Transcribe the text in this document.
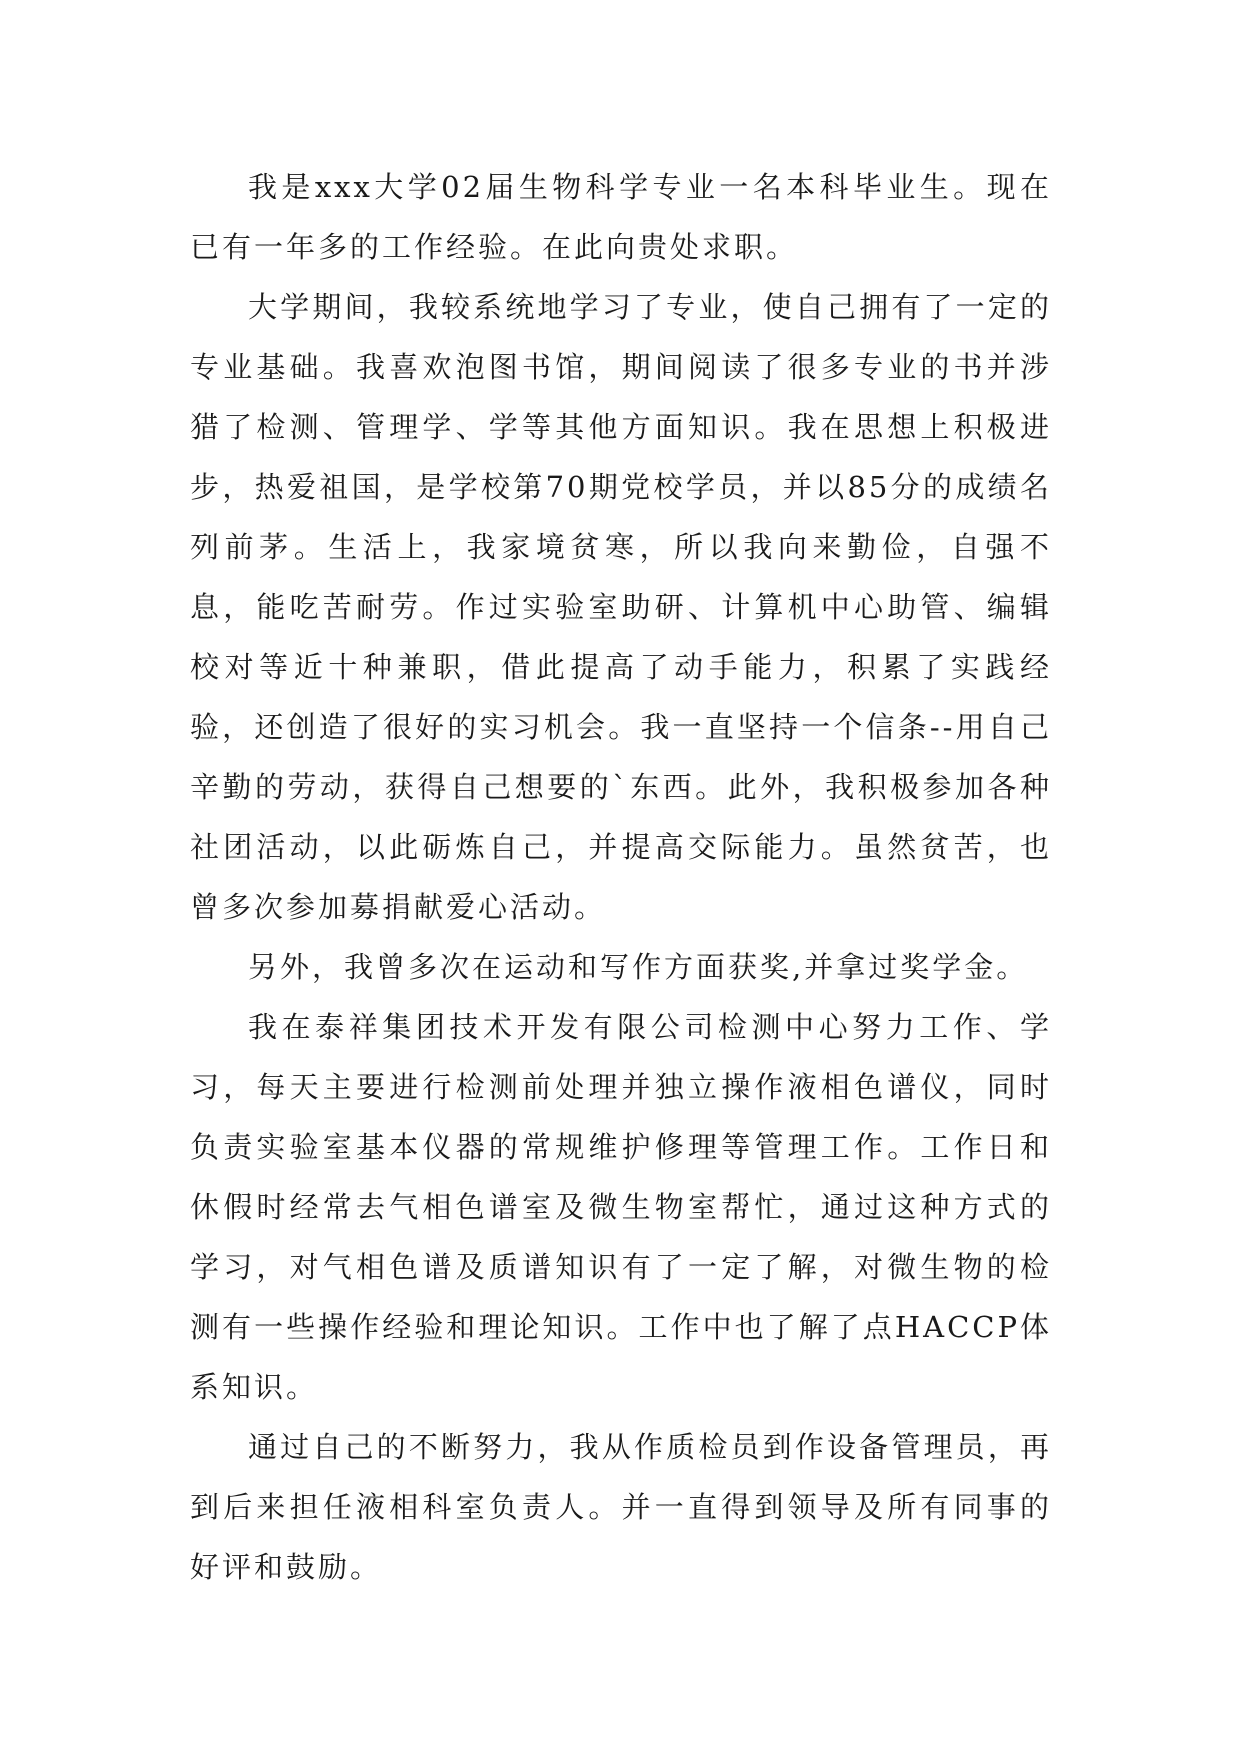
我是xxx大学02届生物科学专业一名本科毕业生。现在已有一年多的工作经验。在此向贵处求职。

大学期间，我较系统地学习了专业，使自己拥有了一定的专业基础。我喜欢泡图书馆，期间阅读了很多专业的书并涉猎了检测、管理学、学等其他方面知识。我在思想上积极进步，热爱祖国，是学校第70期党校学员，并以85分的成绩名列前茅。生活上，我家境贫寒，所以我向来勤俭，自强不息，能吃苦耐劳。作过实验室助研、计算机中心助管、编辑校对等近十种兼职，借此提高了动手能力，积累了实践经验，还创造了很好的实习机会。我一直坚持一个信条--用自己辛勤的劳动，获得自己想要的`东西。此外，我积极参加各种社团活动，以此砺炼自己，并提高交际能力。虽然贫苦，也曾多次参加募捐献爱心活动。

另外，我曾多次在运动和写作方面获奖,并拿过奖学金。

我在泰祥集团技术开发有限公司检测中心努力工作、学习，每天主要进行检测前处理并独立操作液相色谱仪，同时负责实验室基本仪器的常规维护修理等管理工作。工作日和休假时经常去气相色谱室及微生物室帮忙，通过这种方式的学习，对气相色谱及质谱知识有了一定了解，对微生物的检测有一些操作经验和理论知识。工作中也了解了点HACCP体系知识。

通过自己的不断努力，我从作质检员到作设备管理员，再到后来担任液相科室负责人。并一直得到领导及所有同事的好评和鼓励。
